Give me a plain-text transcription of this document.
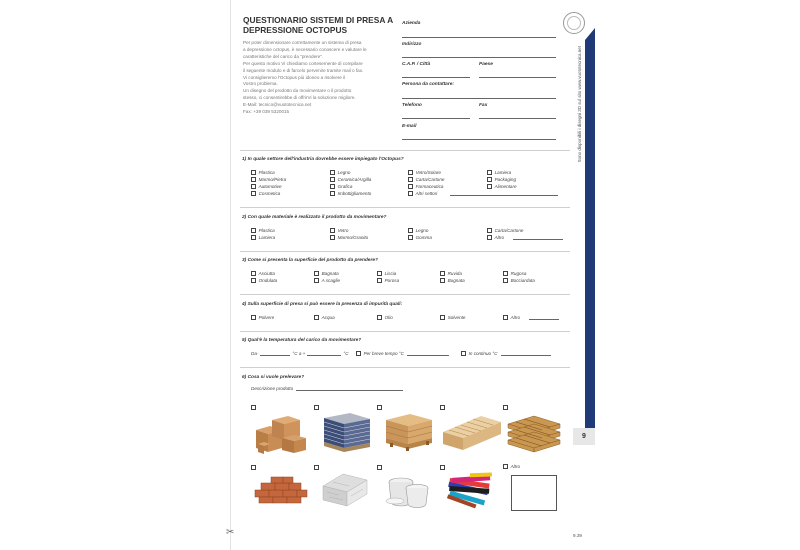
QUESTIONARIO SISTEMI DI PRESA A DEPRESSIONE OCTOPUS

Per poter dimensionare correttamente un sistema di presa
a depressione octopus, è necessario conoscere e valutare le
caratteristiche del carico da "prendere".
Per questo motivo Vi chiediamo cortesemente di compilare
il seguente modulo e di farcelo pervenire tramite mail o fax.
Vi consiglieremo l'Octopus più idoneo a risolvere il
Vostro problema.
Un disegno del prodotto da movimentare o il prodotto
stesso, ci consentirebbe di offrirVi la soluzione migliore.
E-Mail: tecnico@vuototecnica.net
Fax: +39 039 5320015

Azienda
Indirizzo
C.A.P. / Città	Paese
Persona da contattare:
Telefono	Fax
E-mail	Sono disponibili i disegni 3D sul sito www.vuototecnica.net
9
9.39
✂
1) In quale settore dell'industria dovrebbe essere impiegato l'Octopus?
Plastica
Marmo/Pietra
Automotive
Cosmetica
Legno
Ceramica/Argilla
Grafica
Imbottigliamento
Vetro/Solare
Carta/Cartone
Farmaceutica
Altri settori
Lamiera
Packaging
Alimentare
2) Con quale materiale è realizzato il prodotto da movimentare?
Plastica
Lamiera
Vetro
Marmo/Granito
Legno
Gomma
Carta/Cartone
Altro
3) Come si presenta la superficie del prodotto da prendere?
Asciutta
Ondulata
Bagnata
A scaglie
Liscia
Porosa
Ruvida
Bugnata
Rugosa
Bocciardata
4) Sulla superficie di presa si può essere la presenza di impurità quali:
Polvere	Acqua	Olio	Solvente	Altro
5) Qual'è la temperatura del carico da movimentare?
Da-	°C a +	°C	Per breve tempo °C	In continuo °C
6) Cosa si vuole prelevare?
Descrizione prodotto
Altro
